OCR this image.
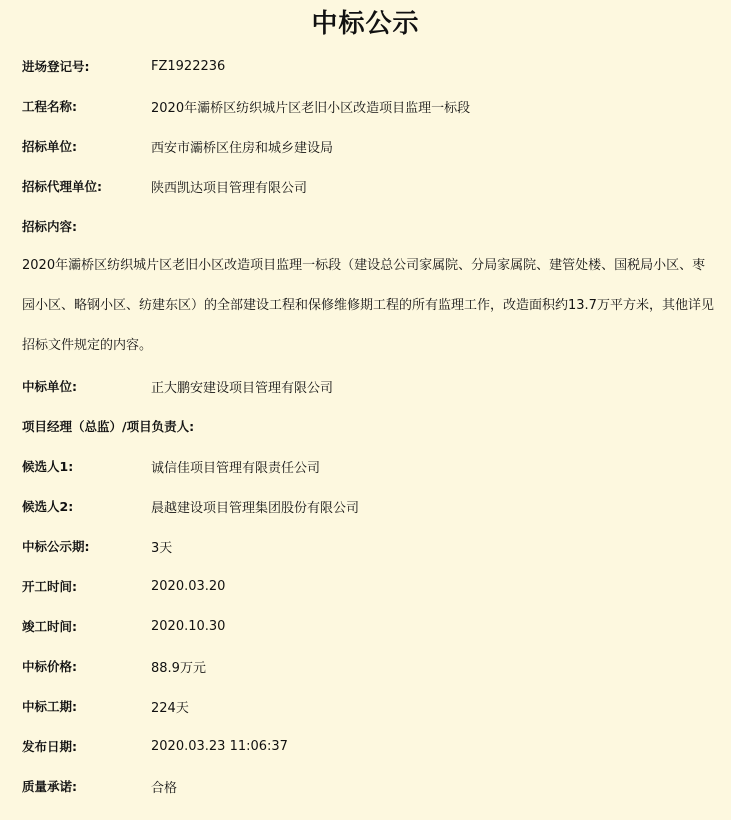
中标公示
进场登记号:	FZ1922236
工程名称:	2020年灞桥区纺织城片区老旧小区改造项目监理一标段
招标单位:	西安市灞桥区住房和城乡建设局
招标代理单位:	陕西凯达项目管理有限公司
招标内容:

2020年灞桥区纺织城片区老旧小区改造项目监理一标段（建设总公司家属院、分局家属院、建管处楼、国税局小区、枣园小区、略钢小区、纺建东区）的全部建设工程和保修维修期工程的所有监理工作，改造面积约13.7万平方米，其他详见招标文件规定的内容。

中标单位:	正大鹏安建设项目管理有限公司
项目经理（总监）/项目负责人:
候选人1:	诚信佳项目管理有限责任公司
候选人2:	晨越建设项目管理集团股份有限公司
中标公示期:	3天
开工时间:	2020.03.20
竣工时间:	2020.10.30
中标价格:	88.9万元
中标工期:	224天
发布日期:	2020.03.23 11:06:37
质量承诺:	合格
